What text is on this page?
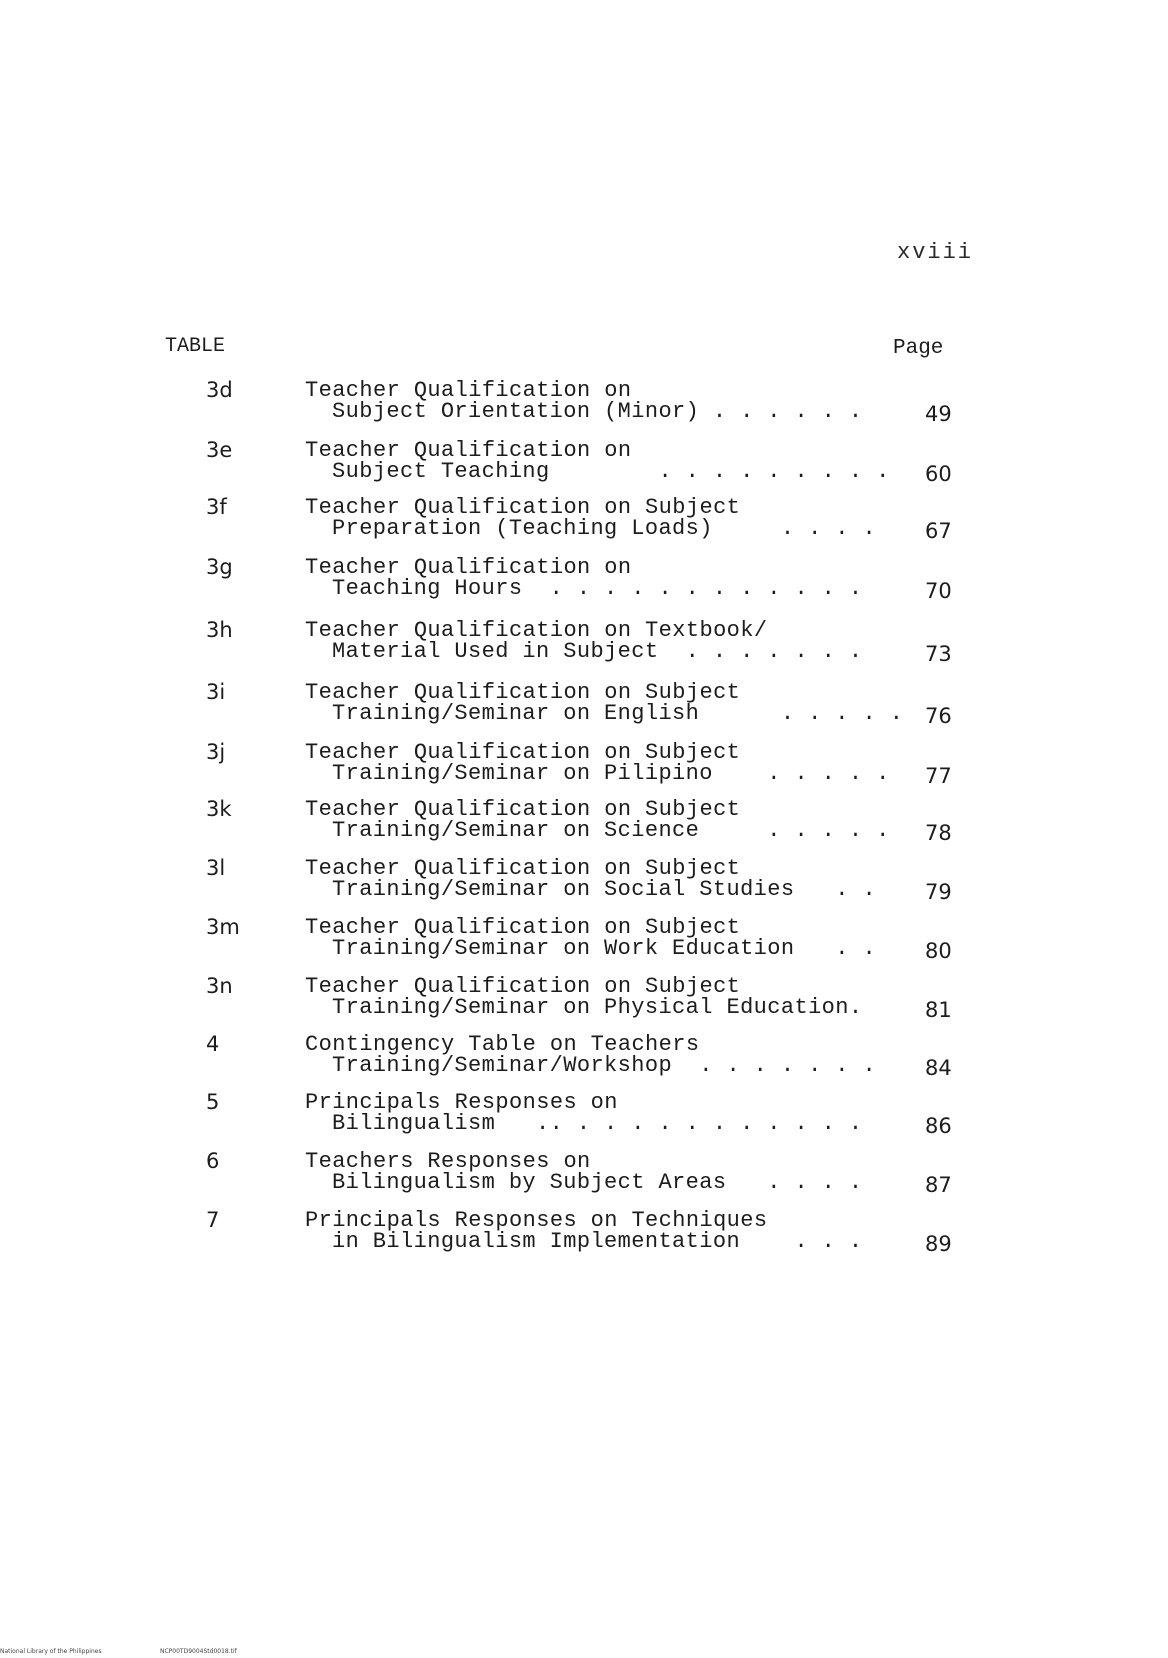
xviii
TABLE	Page
3d	Teacher Qualification on
Subject Orientation (Minor) . . . . . .	49
3e	Teacher Qualification on
Subject Teaching        . . . . . . . . . 60
3f	Teacher Qualification on Subject
Preparation (Teaching Loads)     . . . . 67
3g	Teacher Qualification on
Teaching Hours  . . . . . . . . . . . .	70
3h	Teacher Qualification on Textbook/
Material Used in Subject  . . . . . . .	73
3i	Teacher Qualification on Subject
Training/Seminar on English      . . . . . 76
3j	Teacher Qualification on Subject
Training/Seminar on Pilipino    . . . . . 77
3k	Teacher Qualification on Subject
Training/Seminar on Science     . . . . . 78
3l	Teacher Qualification on Subject
Training/Seminar on Social Studies   . . 79
3m	Teacher Qualification on Subject
Training/Seminar on Work Education   . . 80
3n	Teacher Qualification on Subject
Training/Seminar on Physical Education.	81
4	Contingency Table on Teachers
Training/Seminar/Workshop  . . . . . . . 84
5	Principals Responses on
Bilingualism   .. . . . . . . . . . . .	86
6	Teachers Responses on
Bilingualism by Subject Areas   . . . .	87
7	Principals Responses on Techniques
in Bilingualism Implementation    . . .	89
National Library of the Philippines	NCP00TD9004Std0018.tif
